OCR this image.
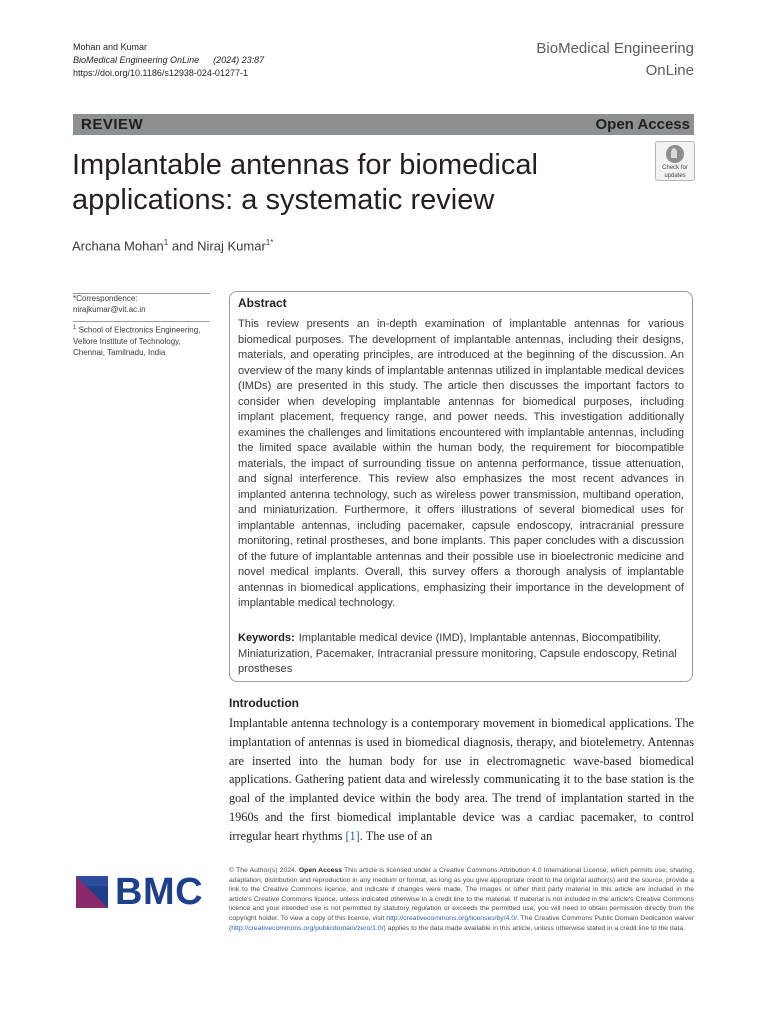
Mohan and Kumar
BioMedical Engineering OnLine (2024) 23:87
https://doi.org/10.1186/s12938-024-01277-1
BioMedical Engineering
OnLine
REVIEW	Open Access
Implantable antennas for biomedical applications: a systematic review
Check for
updates
Archana Mohan$^1$ and Niraj Kumar$^{1*}$
*Correspondence:
nirajkumar@vit.ac.in
$^1$ School of Electronics Engineering, Vellore Institute of Technology, Chennai, Tamilnadu, India
Abstract
This review presents an in-depth examination of implantable antennas for various biomedical purposes. The development of implantable antennas, including their designs, materials, and operating principles, are introduced at the beginning of the discussion. An overview of the many kinds of implantable antennas utilized in implantable medical devices (IMDs) are presented in this study. The article then discusses the important factors to consider when developing implantable antennas for biomedical purposes, including implant placement, frequency range, and power needs. This investigation additionally examines the challenges and limitations encountered with implantable antennas, including the limited space available within the human body, the requirement for biocompatible materials, the impact of surrounding tissue on antenna performance, tissue attenuation, and signal interference. This review also emphasizes the most recent advances in implanted antenna technology, such as wireless power transmission, multiband operation, and miniaturization. Furthermore, it offers illustrations of several biomedical uses for implantable antennas, including pacemaker, capsule endoscopy, intracranial pressure monitoring, retinal prostheses, and bone implants. This paper concludes with a discussion of the future of implantable antennas and their possible use in bioelectronic medicine and novel medical implants. Overall, this survey offers a thorough analysis of implantable antennas in biomedical applications, emphasizing their importance in the development of implantable medical technology.
Keywords: Implantable medical device (IMD), Implantable antennas, Biocompatibility, Miniaturization, Pacemaker, Intracranial pressure monitoring, Capsule endoscopy, Retinal prostheses
Introduction
Implantable antenna technology is a contemporary movement in biomedical applications. The implantation of antennas is used in biomedical diagnosis, therapy, and biotelemetry. Antennas are inserted into the human body for use in electromagnetic wave-based biomedical applications. Gathering patient data and wirelessly communicating it to the base station is the goal of the implanted device within the body area. The trend of implantation started in the 1960s and the first biomedical implantable device was a cardiac pacemaker, to control irregular heart rhythms [1]. The use of an
BMC
© The Author(s) 2024. Open Access This article is licensed under a Creative Commons Attribution 4.0 International License, which permits use, sharing, adaptation, distribution and reproduction in any medium or format, as long as you give appropriate credit to the original author(s) and the source, provide a link to the Creative Commons licence, and indicate if changes were made. The images or other third party material in this article are included in the article's Creative Commons licence, unless indicated otherwise in a credit line to the material. If material is not included in the article's Creative Commons licence and your intended use is not permitted by statutory regulation or exceeds the permitted use, you will need to obtain permission directly from the copyright holder. To view a copy of this licence, visit http://creativecommons.org/licenses/by/4.0/. The Creative Commons Public Domain Dedication waiver (http://creativecommons.org/publicdomain/zero/1.0/) applies to the data made available in this article, unless otherwise stated in a credit line to the data.
